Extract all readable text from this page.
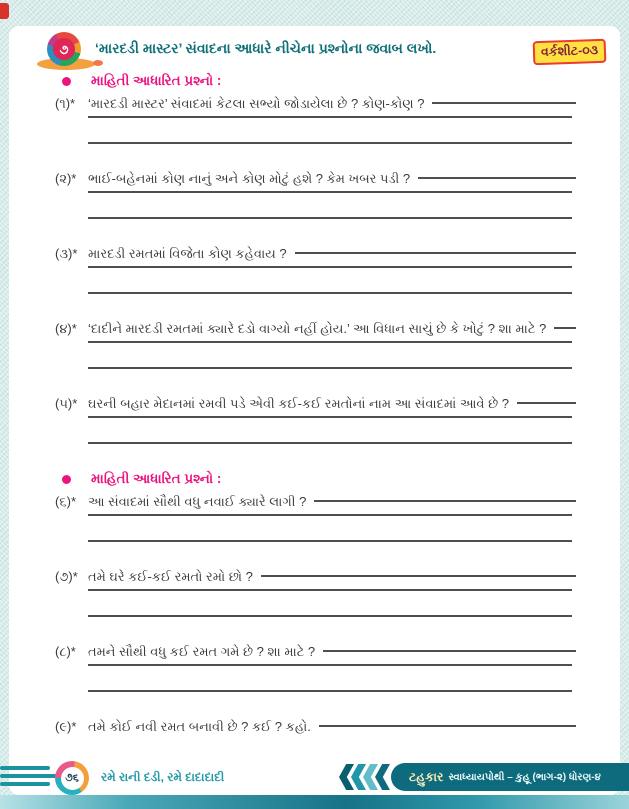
૭	‘મારદડી માસ્ટર’ સંવાદના આધારે નીચેના પ્રશ્નોના જવાબ લખો.	વર્કશીટ-૦૩
માહિતી આધારિત પ્રશ્નો :
(૧)* ‘મારદડી માસ્ટર’ સંવાદમાં કેટલા સભ્યો જોડાયેલા છે ? કોણ-કોણ ?
(૨)* ભાઈ-બહેનમાં કોણ નાનું અને કોણ મોટું હશે ? કેમ ખબર પડી ?
(૩)* મારદડી રમતમાં વિજેતા કોણ કહેવાય ?
(૪)* ‘દાદીને મારદડી રમતમાં ક્યારે દડો વાગ્યો નહીં હોય.’ આ વિધાન સાચું છે કે ખોટું ? શા માટે ?
(૫)* ઘરની બહાર મેદાનમાં રમવી પડે એવી કઈ-કઈ રમતોનાં નામ આ સંવાદમાં આવે છે ?
માહિતી આધારિત પ્રશ્નો :
(૬)* આ સંવાદમાં સૌથી વધુ નવાઈ ક્યારે લાગી ?
(૭)* તમે ઘરે કઈ-કઈ રમતો રમો છો ?
(૮)* તમને સૌથી વધુ કઈ રમત ગમે છે ? શા માટે ?
(૯)* તમે કોઈ નવી રમત બનાવી છે ? કઈ ? કહો.
૭૬	રમે રાની દડી, રમે દાદાદાદી	ટહુકાર સ્વાધ્યાયપોથી – કુહૂ (ભાગ-૨) ધોરણ-૪
